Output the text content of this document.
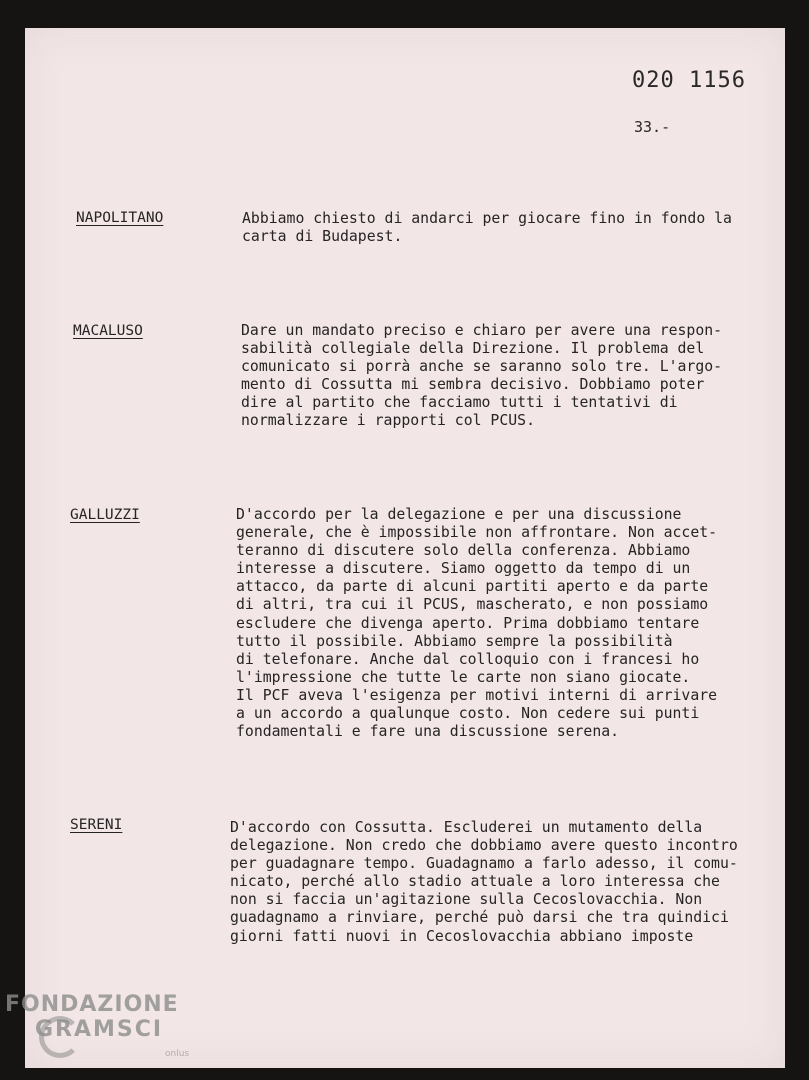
020 1156
33.-
NAPOLITANO	Abbiamo chiesto di andarci per giocare fino in fondo la
carta di Budapest.
MACALUSO	Dare un mandato preciso e chiaro per avere una respon-
sabilità collegiale della Direzione. Il problema del
comunicato si porrà anche se saranno solo tre. L'argo-
mento di Cossutta mi sembra decisivo. Dobbiamo poter
dire al partito che facciamo tutti i tentativi di
normalizzare i rapporti col PCUS.
GALLUZZI	D'accordo per la delegazione e per una discussione
generale, che è impossibile non affrontare. Non accet-
teranno di discutere solo della conferenza. Abbiamo
interesse a discutere. Siamo oggetto da tempo di un
attacco, da parte di alcuni partiti aperto e da parte
di altri, tra cui il PCUS, mascherato, e non possiamo
escludere che divenga aperto. Prima dobbiamo tentare
tutto il possibile. Abbiamo sempre la possibilità
di telefonare. Anche dal colloquio con i francesi ho
l'impressione che tutte le carte non siano giocate.
Il PCF aveva l'esigenza per motivi interni di arrivare
a un accordo a qualunque costo. Non cedere sui punti
fondamentali e fare una discussione serena.
SERENI	D'accordo con Cossutta. Escluderei un mutamento della
delegazione. Non credo che dobbiamo avere questo incontro
per guadagnare tempo. Guadagnamo a farlo adesso, il comu-
nicato, perché allo stadio attuale a loro interessa che
non si faccia un'agitazione sulla Cecoslovacchia. Non
guadagnamo a rinviare, perché può darsi che tra quindici
giorni fatti nuovi in Cecoslovacchia abbiano imposte
FONDAZIONE
GRAMSCI
onlus
